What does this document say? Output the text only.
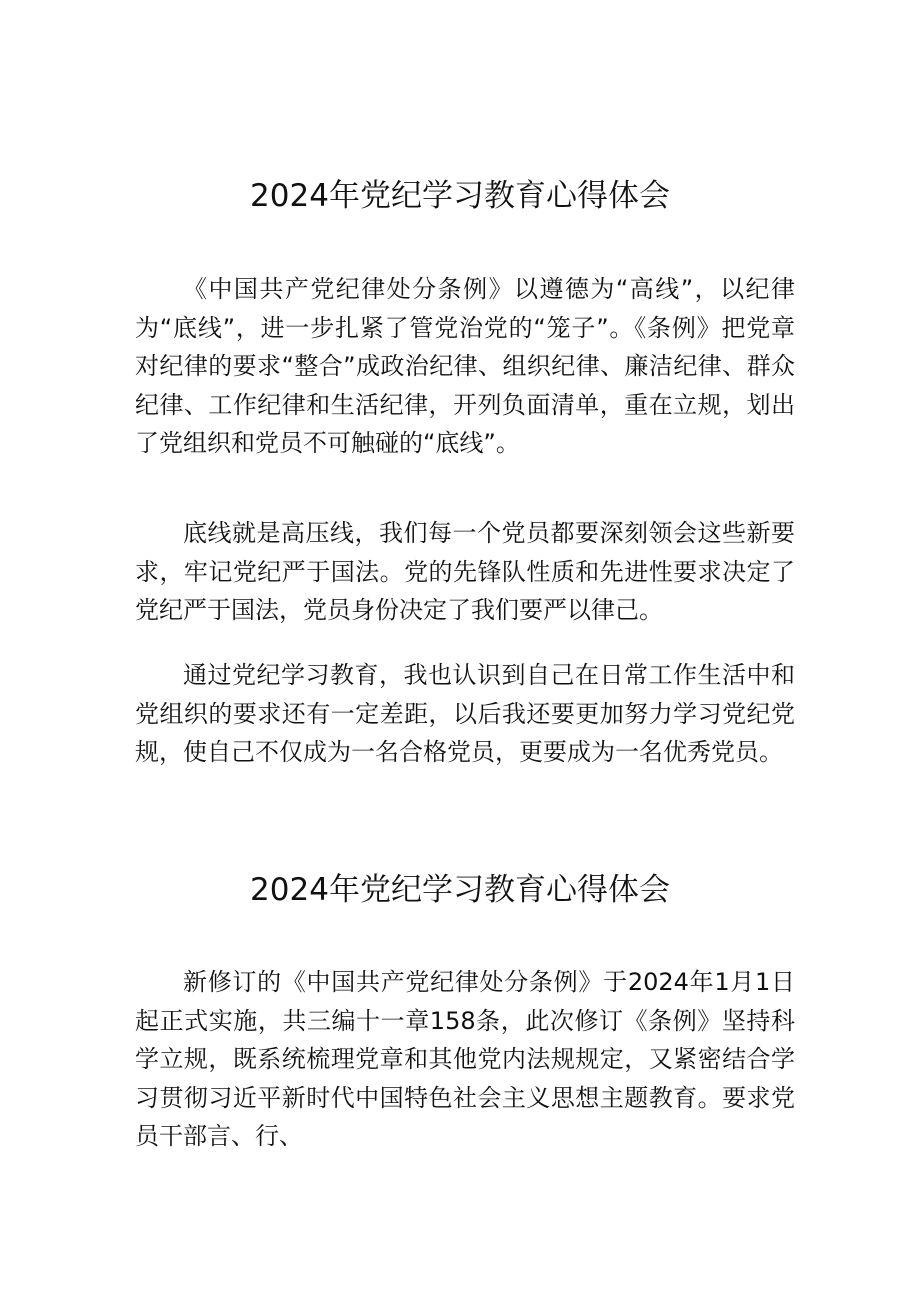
2024年党纪学习教育心得体会

《中国共产党纪律处分条例》以遵德为“高线”，以纪律为“底线”，进一步扎紧了管党治党的“笼子”。《条例》把党章对纪律的要求“整合”成政治纪律、组织纪律、廉洁纪律、群众纪律、工作纪律和生活纪律，开列负面清单，重在立规，划出了党组织和党员不可触碰的“底线”。

底线就是高压线，我们每一个党员都要深刻领会这些新要求，牢记党纪严于国法。党的先锋队性质和先进性要求决定了党纪严于国法，党员身份决定了我们要严以律己。

通过党纪学习教育，我也认识到自己在日常工作生活中和党组织的要求还有一定差距，以后我还要更加努力学习党纪党规，使自己不仅成为一名合格党员，更要成为一名优秀党员。

2024年党纪学习教育心得体会

新修订的《中国共产党纪律处分条例》于2024年1月1日起正式实施，共三编十一章158条，此次修订《条例》坚持科学立规，既系统梳理党章和其他党内法规规定，又紧密结合学习贯彻习近平新时代中国特色社会主义思想主题教育。要求党员干部言、行、
